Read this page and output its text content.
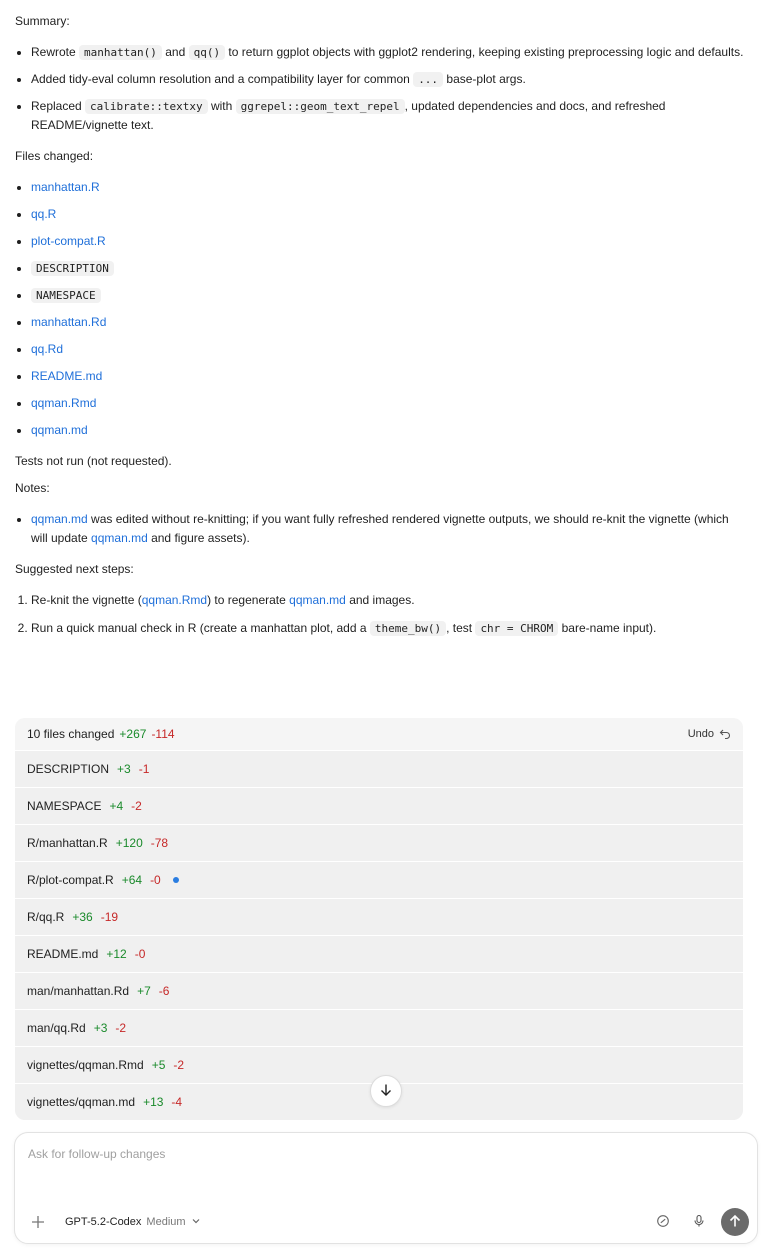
Summary:

• Rewrote manhattan() and qq() to return ggplot objects with ggplot2 rendering, keeping existing preprocessing logic and defaults.
• Added tidy-eval column resolution and a compatibility layer for common ... base-plot args.
• Replaced calibrate::textxy with ggrepel::geom_text_repel , updated dependencies and docs, and refreshed README/vignette text.

Files changed:

• manhattan.R
• qq.R
• plot-compat.R
• DESCRIPTION
• NAMESPACE
• manhattan.Rd
• qq.Rd
• README.md
• qqman.Rmd
• qqman.md

Tests not run (not requested).

Notes:

• qqman.md was edited without re-knitting; if you want fully refreshed rendered vignette outputs, we should re-knit the vignette (which will update qqman.md and figure assets).

Suggested next steps:

1. Re-knit the vignette (qqman.Rmd) to regenerate qqman.md and images.
2. Run a quick manual check in R (create a manhattan plot, add a theme_bw() , test chr = CHROM bare-name input).
10 files changed +267 -114	Undo
DESCRIPTION +3 -1
NAMESPACE +4 -2
R/manhattan.R +120 -78
R/plot-compat.R +64 -0
R/qq.R +36 -19
README.md +12 -0
man/manhattan.Rd +7 -6
man/qq.Rd +3 -2
vignettes/qqman.Rmd +5 -2
vignettes/qqman.md +13 -4
Ask for follow-up changes
GPT-5.2-Codex Medium
